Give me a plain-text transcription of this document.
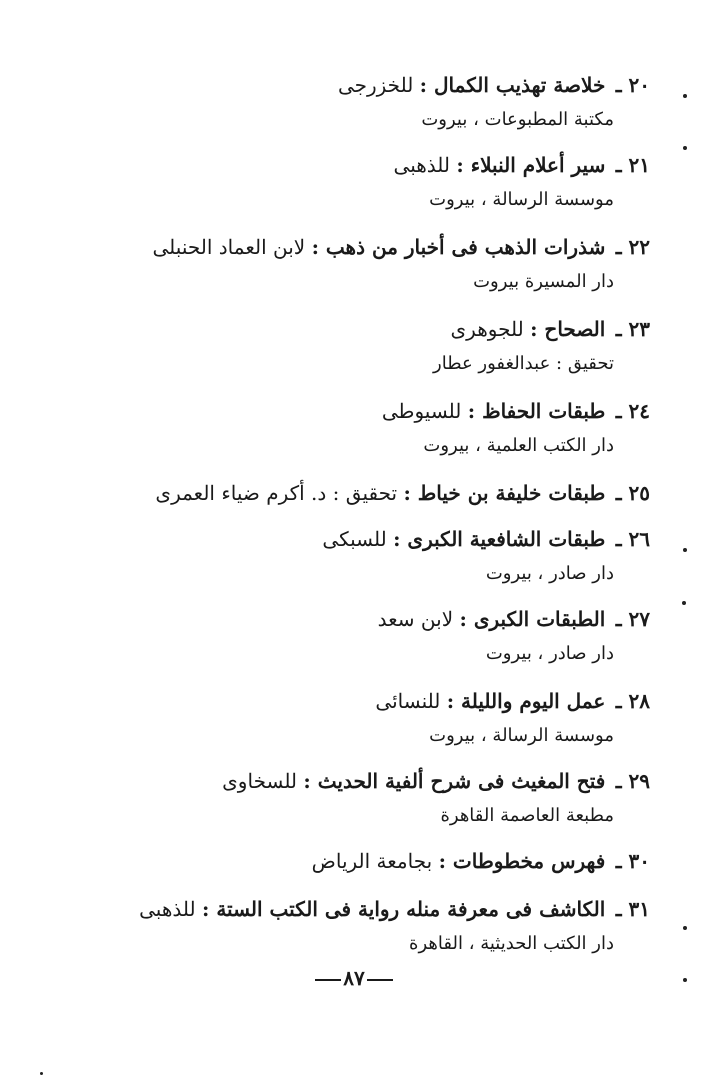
٢٠ ـ خلاصة تهذيب الكمال : للخزرجى
مكتبة المطبوعات ، بيروت
٢١ ـ سير أعلام النبلاء : للذهبى
موسسة الرسالة ، بيروت
٢٢ ـ شذرات الذهب فى أخبار من ذهب : لابن العماد الحنبلى
دار المسيرة بيروت
٢٣ ـ الصحاح : للجوهرى
تحقيق : عبدالغفور عطار
٢٤ ـ طبقات الحفاظ : للسيوطى
دار الكتب العلمية ، بيروت
٢٥ ـ طبقات خليفة بن خياط : تحقيق : د. أكرم ضياء العمرى
٢٦ ـ طبقات الشافعية الكبرى : للسبكى
دار صادر ، بيروت
٢٧ ـ الطبقات الكبرى : لابن سعد
دار صادر ، بيروت
٢٨ ـ عمل اليوم والليلة : للنسائى
موسسة الرسالة ، بيروت
٢٩ ـ فتح المغيث فى شرح ألفية الحديث : للسخاوى
مطبعة العاصمة القاهرة
٣٠ ـ فهرس مخطوطات : بجامعة الرياض
٣١ ـ الكاشف فى معرفة منله رواية فى الكتب الستة : للذهبى
دار الكتب الحديثية ، القاهرة
٨٧
